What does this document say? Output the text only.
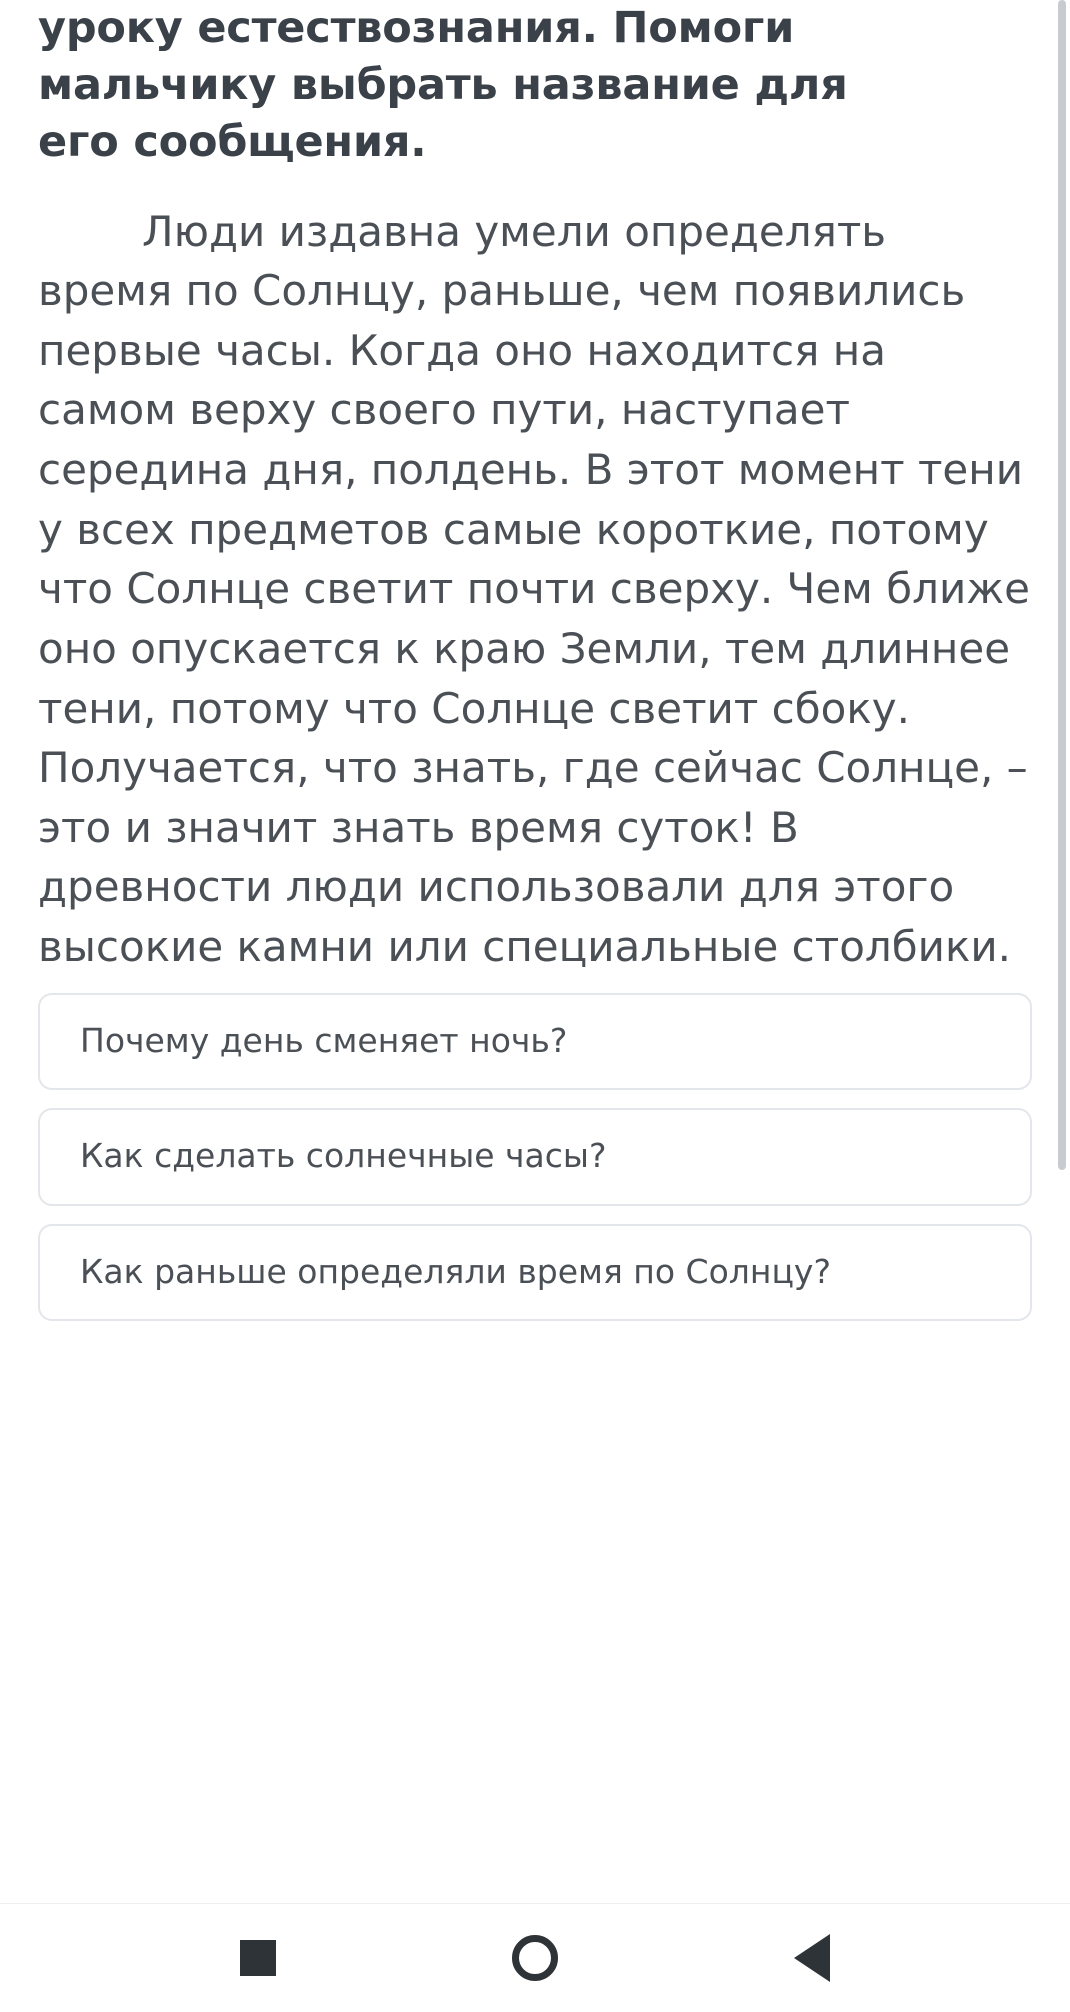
уроку естествознания. Помоги
мальчику выбрать название для
его сообщения.

Люди издавна умели определять время по Солнцу, раньше, чем появились первые часы. Когда оно находится на самом верху своего пути, наступает середина дня, полдень. В этот момент тени у всех предметов самые короткие, потому что Солнце светит почти сверху. Чем ближе оно опускается к краю Земли, тем длиннее тени, потому что Солнце светит сбоку. Получается, что знать, где сейчас Солнце, – это и значит знать время суток! В древности люди использовали для этого высокие камни или специальные столбики.

Почему день сменяет ночь?
Как сделать солнечные часы?
Как раньше определяли время по Солнцу?
